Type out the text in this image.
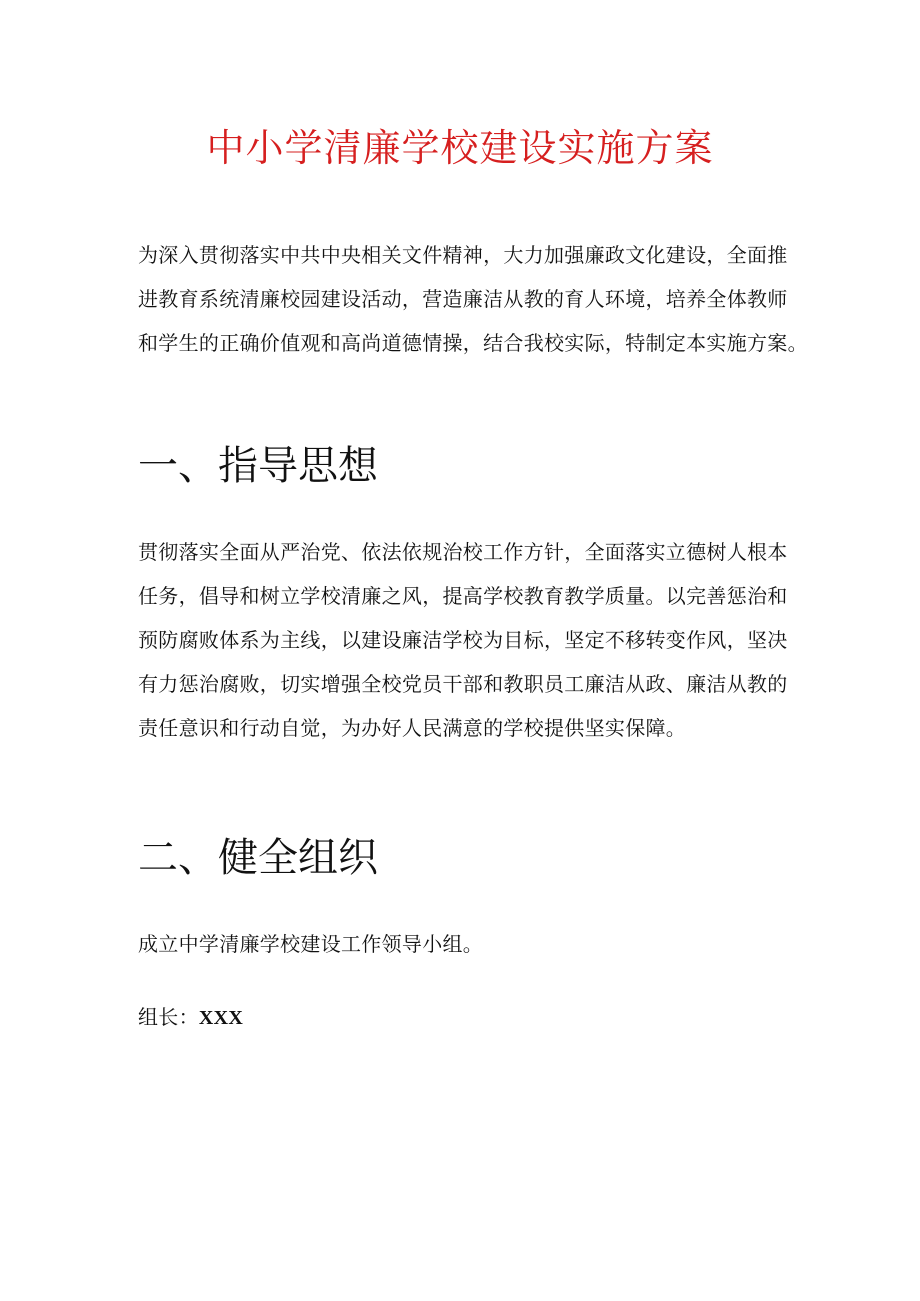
中小学清廉学校建设实施方案

为深入贯彻落实中共中央相关文件精神，大力加强廉政文化建设，全面推
进教育系统清廉校园建设活动，营造廉洁从教的育人环境，培养全体教师
和学生的正确价值观和高尚道德情操，结合我校实际，特制定本实施方案。

一、指导思想

贯彻落实全面从严治党、依法依规治校工作方针，全面落实立德树人根本
任务，倡导和树立学校清廉之风，提高学校教育教学质量。以完善惩治和
预防腐败体系为主线，以建设廉洁学校为目标，坚定不移转变作风，坚决
有力惩治腐败，切实增强全校党员干部和教职员工廉洁从政、廉洁从教的
责任意识和行动自觉，为办好人民满意的学校提供坚实保障。

二、健全组织

成立中学清廉学校建设工作领导小组。

组长：XXX
